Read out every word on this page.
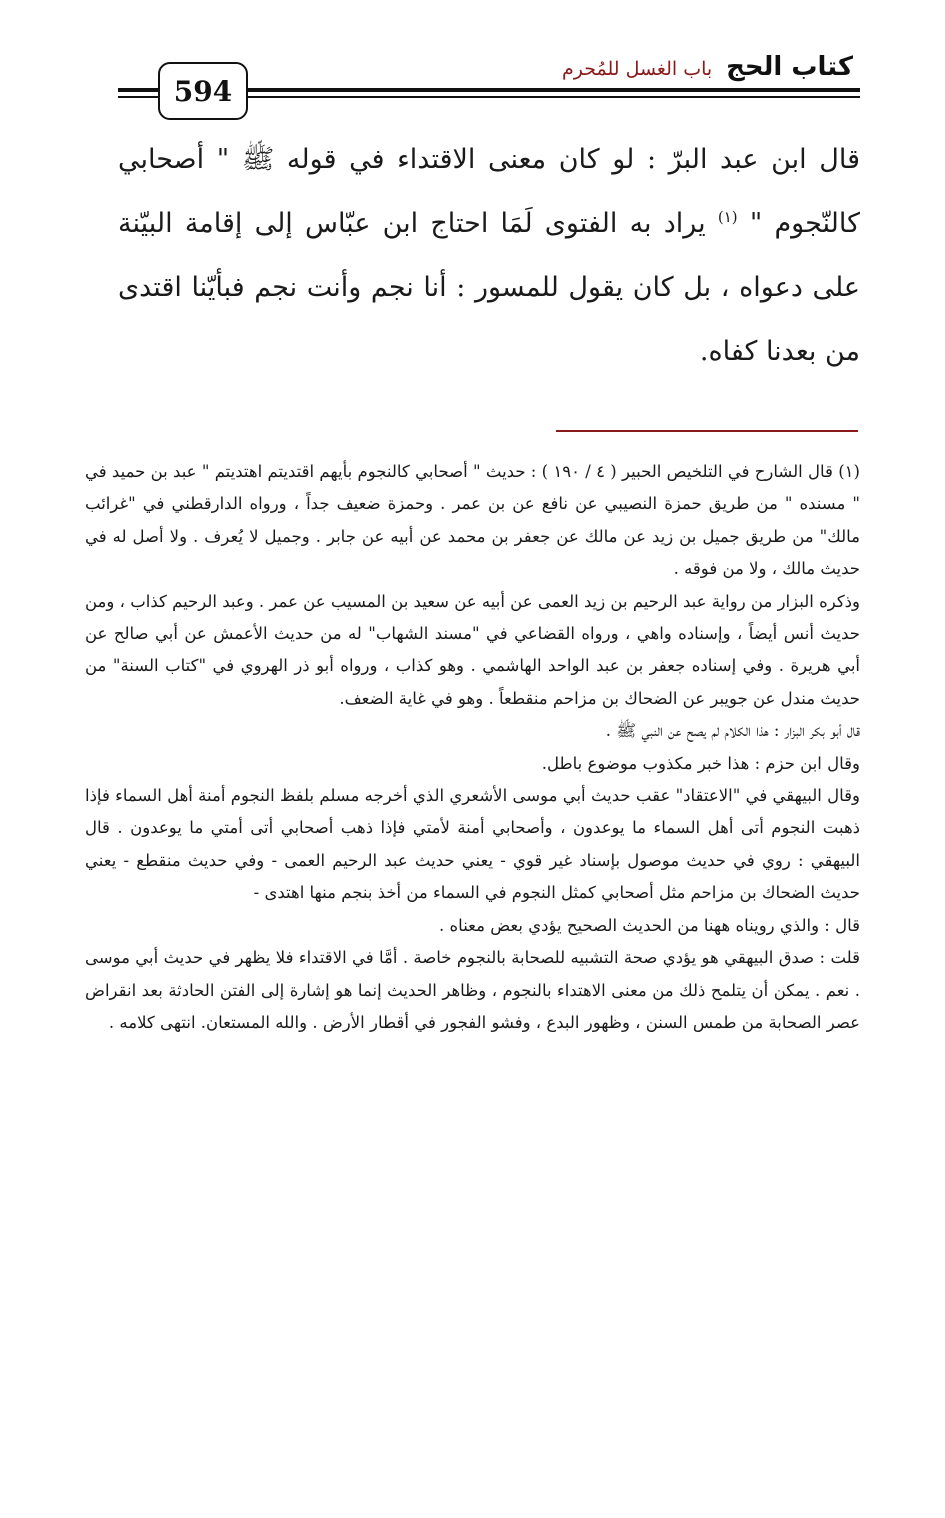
594
كتاب الحج
باب الغسل للمُحرم

قال ابن عبد البرّ : لو كان معنى الاقتداء في قوله ﷺ " أصحابي كالنّجوم " $^{(١)}$ يراد به الفتوى لَمَا احتاج ابن عبّاس إلى إقامة البيّنة على دعواه ، بل كان يقول للمسور : أنا نجم وأنت نجم فبأيّنا اقتدى من بعدنا كفاه.

(١) قال الشارح في التلخيص الحبير ( ٤ / ١٩٠ ) : حديث " أصحابي كالنجوم بأيهم اقتديتم اهتديتم " عبد بن حميد في " مسنده " من طريق حمزة النصيبي عن نافع عن بن عمر . وحمزة ضعيف جداً ، ورواه الدارقطني في "غرائب مالك" من طريق جميل بن زيد عن مالك عن جعفر بن محمد عن أبيه عن جابر . وجميل لا يُعرف . ولا أصل له في حديث مالك ، ولا من فوقه .

وذكره البزار من رواية عبد الرحيم بن زيد العمى عن أبيه عن سعيد بن المسيب عن عمر . وعبد الرحيم كذاب ، ومن حديث أنس أيضاً ، وإسناده واهي ، ورواه القضاعي في "مسند الشهاب" له من حديث الأعمش عن أبي صالح عن أبي هريرة . وفي إسناده جعفر بن عبد الواحد الهاشمي . وهو كذاب ، ورواه أبو ذر الهروي في "كتاب السنة" من حديث مندل عن جويبر عن الضحاك بن مزاحم منقطعاً . وهو في غاية الضعف.

قال أبو بكر البزار : هذا الكلام لم يصح عن النبي ﷺ .

وقال ابن حزم : هذا خبر مكذوب موضوع باطل.

وقال البيهقي في "الاعتقاد" عقب حديث أبي موسى الأشعري الذي أخرجه مسلم بلفظ النجوم أمنة أهل السماء فإذا ذهبت النجوم أتى أهل السماء ما يوعدون ، وأصحابي أمنة لأمتي فإذا ذهب أصحابي أتى أمتي ما يوعدون . قال البيهقي : روي في حديث موصول بإسناد غير قوي - يعني حديث عبد الرحيم العمى - وفي حديث منقطع - يعني حديث الضحاك بن مزاحم مثل أصحابي كمثل النجوم في السماء من أخذ بنجم منها اهتدى -

قال : والذي رويناه ههنا من الحديث الصحيح يؤدي بعض معناه .

قلت : صدق البيهقي هو يؤدي صحة التشبيه للصحابة بالنجوم خاصة . أمَّا في الاقتداء فلا يظهر في حديث أبي موسى . نعم . يمكن أن يتلمح ذلك من معنى الاهتداء بالنجوم ، وظاهر الحديث إنما هو إشارة إلى الفتن الحادثة بعد انقراض عصر الصحابة من طمس السنن ، وظهور البدع ، وفشو الفجور في أقطار الأرض . والله المستعان. انتهى كلامه .
